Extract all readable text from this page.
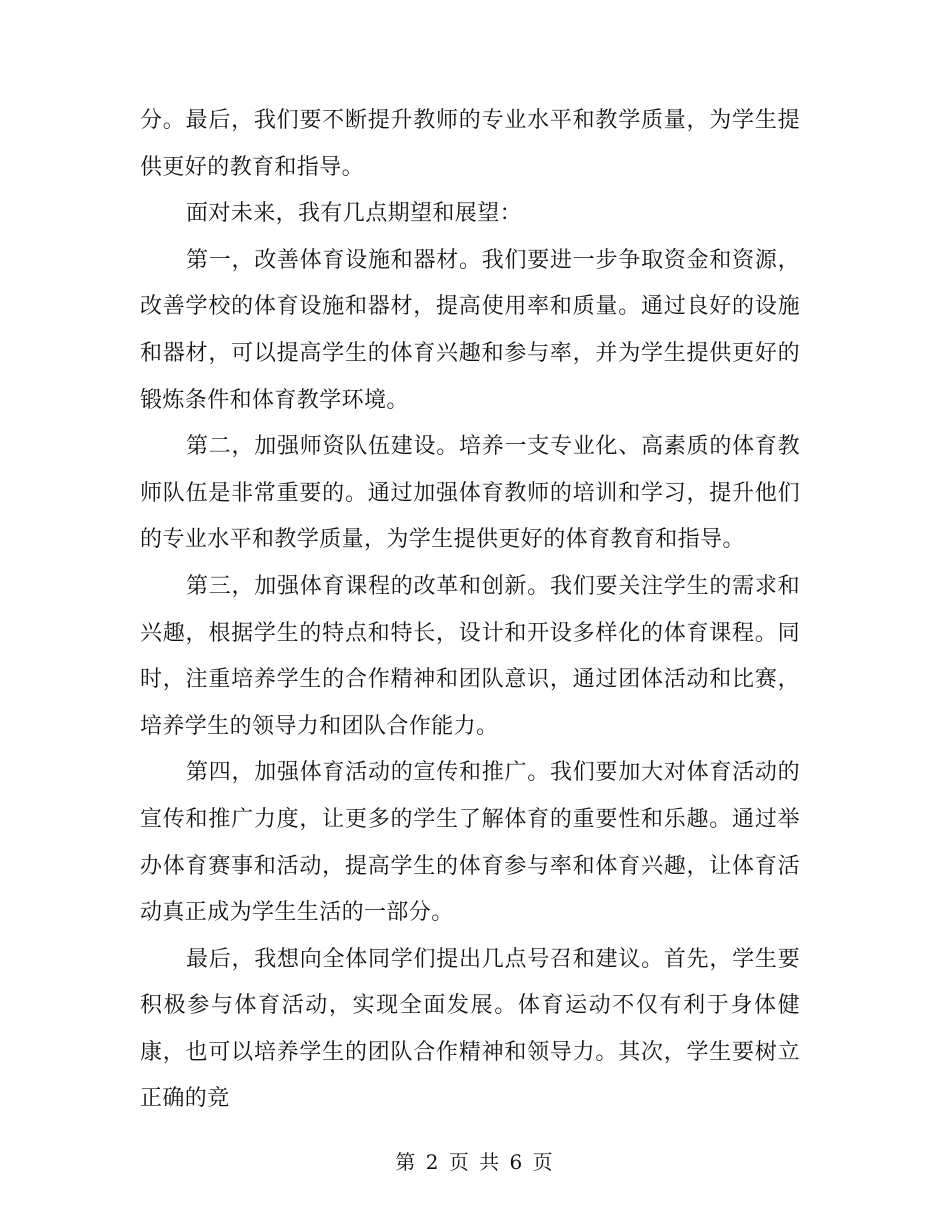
分。最后，我们要不断提升教师的专业水平和教学质量，为学生提供更好的教育和指导。

面对未来，我有几点期望和展望：

第一，改善体育设施和器材。我们要进一步争取资金和资源，改善学校的体育设施和器材，提高使用率和质量。通过良好的设施和器材，可以提高学生的体育兴趣和参与率，并为学生提供更好的锻炼条件和体育教学环境。

第二，加强师资队伍建设。培养一支专业化、高素质的体育教师队伍是非常重要的。通过加强体育教师的培训和学习，提升他们的专业水平和教学质量，为学生提供更好的体育教育和指导。

第三，加强体育课程的改革和创新。我们要关注学生的需求和兴趣，根据学生的特点和特长，设计和开设多样化的体育课程。同时，注重培养学生的合作精神和团队意识，通过团体活动和比赛，培养学生的领导力和团队合作能力。

第四，加强体育活动的宣传和推广。我们要加大对体育活动的宣传和推广力度，让更多的学生了解体育的重要性和乐趣。通过举办体育赛事和活动，提高学生的体育参与率和体育兴趣，让体育活动真正成为学生生活的一部分。

最后，我想向全体同学们提出几点号召和建议。首先，学生要积极参与体育活动，实现全面发展。体育运动不仅有利于身体健康，也可以培养学生的团队合作精神和领导力。其次，学生要树立正确的竞

第 2 页 共 6 页
